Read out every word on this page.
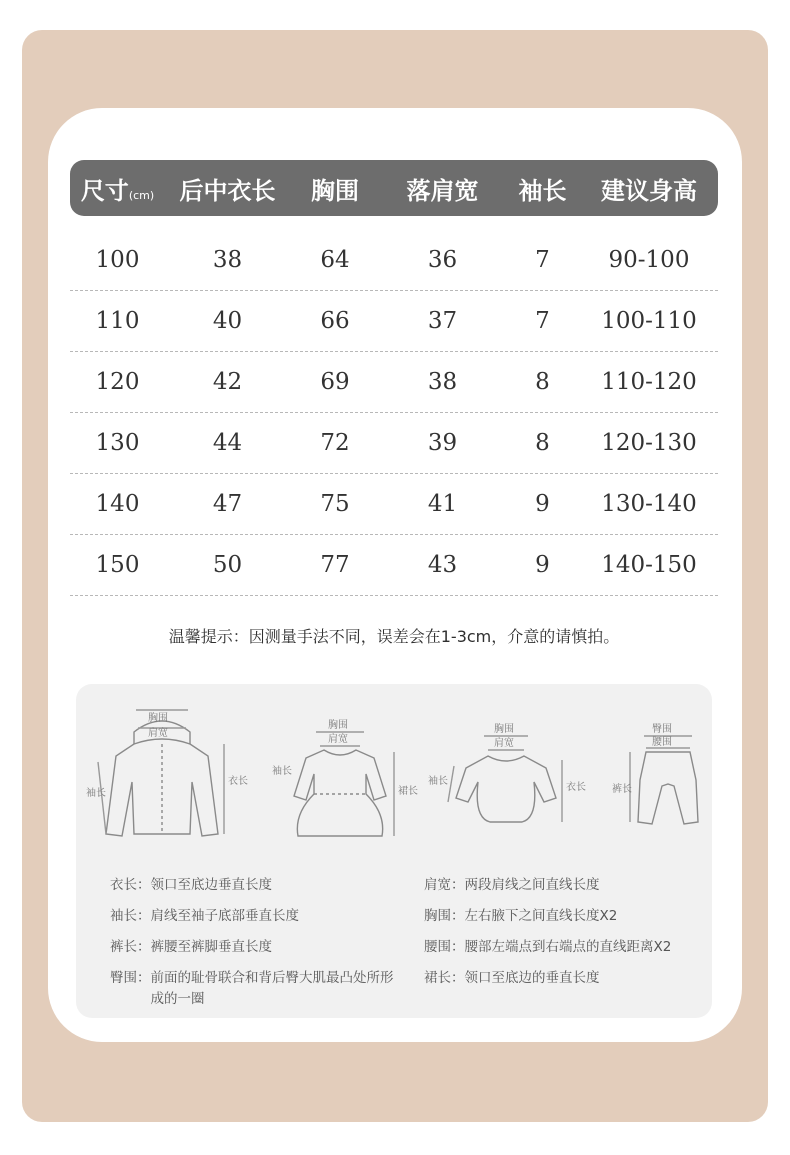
尺寸(cm)	后中衣长	胸围	落肩宽	袖长	建议身高
100	38	64	36	7	90-100
110	40	66	37	7	100-110
120	42	69	38	8	110-120
130	44	72	39	8	120-130
140	47	75	41	9	130-140
150	50	77	43	9	140-150
温馨提示：因测量手法不同，误差会在1-3cm，介意的请慎拍。
胸围
肩宽
袖长
衣长
胸围
肩宽
袖长
裙长
胸围
肩宽
袖长
衣长
臀围
腰围
裤长
衣长： 领口至底边垂直长度
袖长： 肩线至袖子底部垂直长度
裤长： 裤腰至裤脚垂直长度
臀围： 前面的耻骨联合和背后臀大肌最凸处所形成的一圈
肩宽： 两段肩线之间直线长度
胸围： 左右腋下之间直线长度X2
腰围： 腰部左端点到右端点的直线距离X2
裙长： 领口至底边的垂直长度
